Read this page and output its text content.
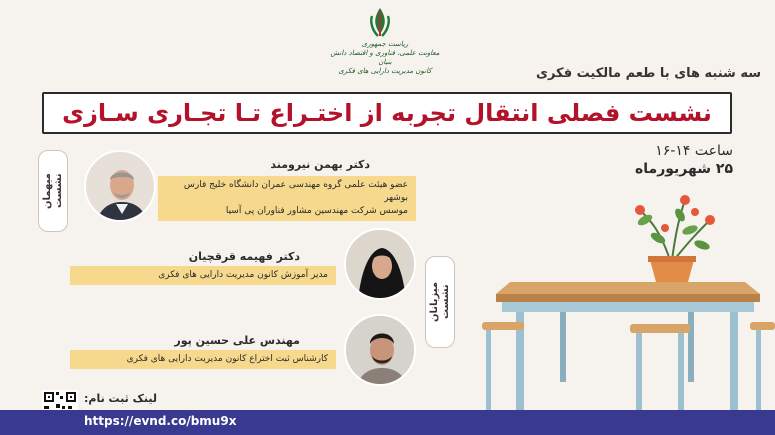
ریاست جمهوری
معاونت علمی، فناوری و اقتصاد دانش بنیان
کانون مدیریت دارایی های فکری	سه شنبه های با طعم مالکیت فکری
نشست فصلی انتقال تجربه از اختـراع تـا تجـاری سـازی
ساعت ۱۴-۱۶
۲۵ شهریورماه
میهمان نشست
دکتر بهمن نیرومند
عضو هیئت علمی گروه مهندسی عمران دانشگاه خلیج فارس بوشهر
موسس شرکت مهندسین مشاور فناوران پی آسیا
میزبانان نشست
دکتر فهیمه قرقچیان
مدیر آموزش کانون مدیریت دارایی های فکری
مهندس علی حسین پور
کارشناس ثبت اختراع کانون مدیریت دارایی های فکری
لینک ثبت نام:
https://evnd.co/bmu9x
